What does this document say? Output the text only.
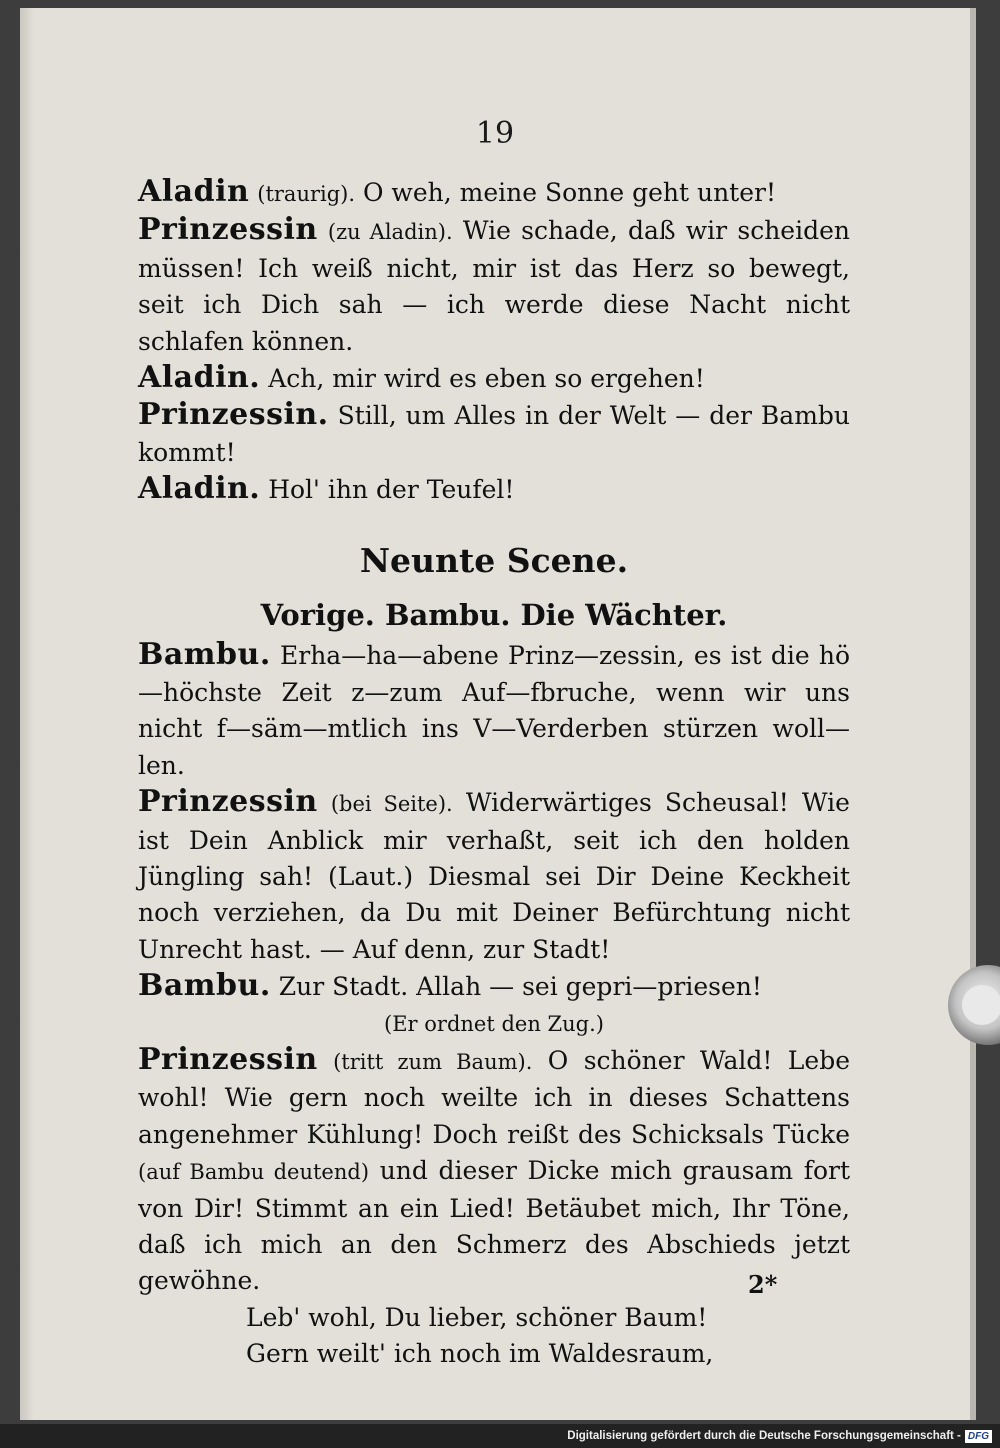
19

Aladin (traurig). O weh, meine Sonne geht unter!

Prinzessin (zu Aladin). Wie schade, daß wir scheiden müssen! Ich weiß nicht, mir ist das Herz so bewegt, seit ich Dich sah — ich werde diese Nacht nicht schlafen können.

Aladin. Ach, mir wird es eben so ergehen!

Prinzessin. Still, um Alles in der Welt — der Bambu kommt!

Aladin. Hol' ihn der Teufel!

Neunte Scene.
Vorige. Bambu. Die Wächter.

Bambu. Erha—ha—abene Prinz—zessin, es ist die hö—höchste Zeit z—zum Auf—fbruche, wenn wir uns nicht f—säm—mtlich ins V—Verderben stürzen woll—len.

Prinzessin (bei Seite). Widerwärtiges Scheusal! Wie ist Dein Anblick mir verhaßt, seit ich den holden Jüngling sah! (Laut.) Diesmal sei Dir Deine Keckheit noch verziehen, da Du mit Deiner Befürchtung nicht Unrecht hast. — Auf denn, zur Stadt!

Bambu. Zur Stadt. Allah — sei gepri—priesen!

(Er ordnet den Zug.)

Prinzessin (tritt zum Baum). O schöner Wald! Lebe wohl! Wie gern noch weilte ich in dieses Schattens angenehmer Kühlung! Doch reißt des Schicksals Tücke (auf Bambu deutend) und dieser Dicke mich grausam fort von Dir! Stimmt an ein Lied! Betäubet mich, Ihr Töne, daß ich mich an den Schmerz des Abschieds jetzt gewöhne.

Leb' wohl, Du lieber, schöner Baum!

Gern weilt' ich noch im Waldesraum,

2*
Digitalisierung gefördert durch die Deutsche Forschungsgemeinschaft - DFG
